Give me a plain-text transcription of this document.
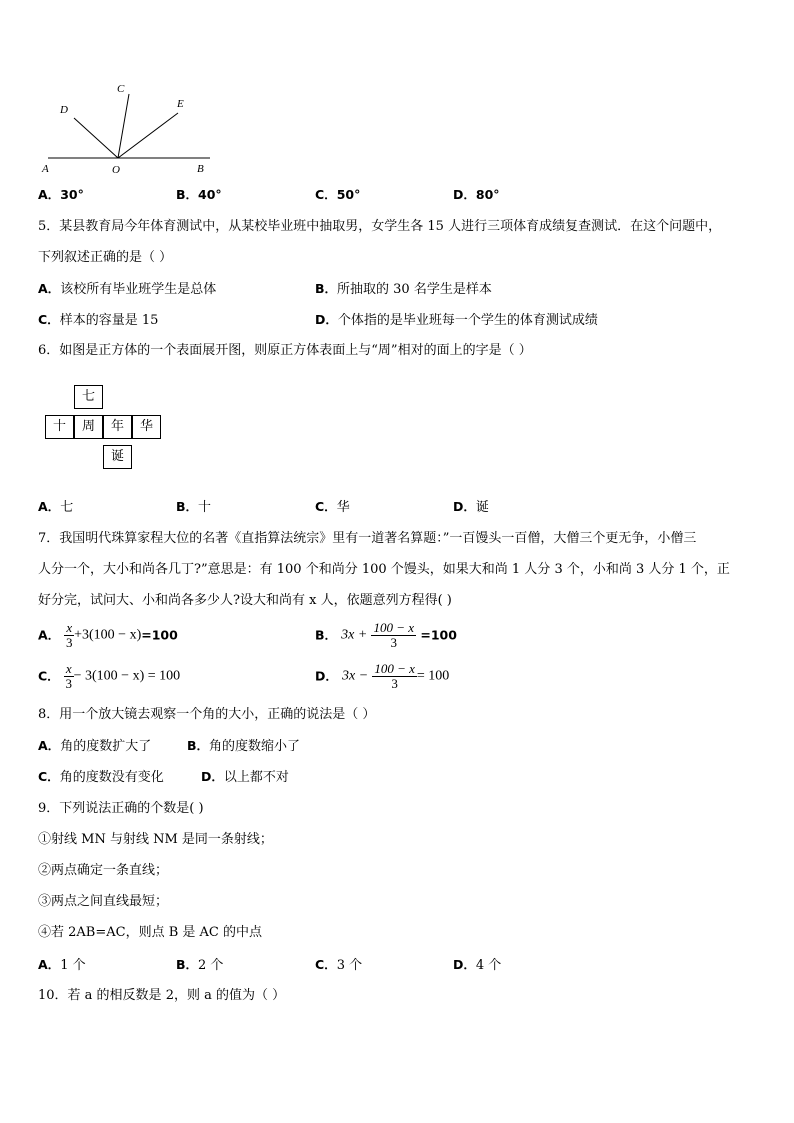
A	B
O
C
D	E
A．30°	B．40°	C．50°	D．80°
5．某县教育局今年体育测试中，从某校毕业班中抽取男，女学生各 15 人进行三项体育成绩复查测试．在这个问题中，
下列叙述正确的是（ ）
A．该校所有毕业班学生是总体	B．所抽取的 30 名学生是样本
C．样本的容量是 15	D．个体指的是毕业班每一个学生的体育测试成绩
6．如图是正方体的一个表面展开图，则原正方体表面上与“周”相对的面上的字是（ ）
七
十	周	年	华
诞
A．七	B．十	C．华	D．诞
7．我国明代珠算家程大位的名著《直指算法统宗》里有一道著名算题：”一百馒头一百僧，大僧三个更无争，小僧三
人分一个，大小和尚各几丁?”意思是：有 100 个和尚分 100 个馒头，如果大和尚 1 人分 3 个，小和尚 3 人分 1 个，正
好分完，试问大、小和尚各多少人?设大和尚有 x 人，依题意列方程得( )
A． $\frac{x}{3} +3(100 - x)=100$	B． $3x + \frac{100 - x}{3} =100$
C． $\frac{x}{3} - 3(100 - x) = 100$	D． $3x - \frac{100 - x}{3} = 100$
8．用一个放大镜去观察一个角的大小，正确的说法是（ ）
A．角的度数扩大了	B．角的度数缩小了
C．角的度数没有变化	D．以上都不对
9．下列说法正确的个数是( )
①射线 MN 与射线 NM 是同一条射线；
②两点确定一条直线；
③两点之间直线最短；
④若 2AB=AC，则点 B 是 AC 的中点
A．1 个	B．2 个	C．3 个	D．4 个
10．若 a 的相反数是 2，则 a 的值为（ ）
